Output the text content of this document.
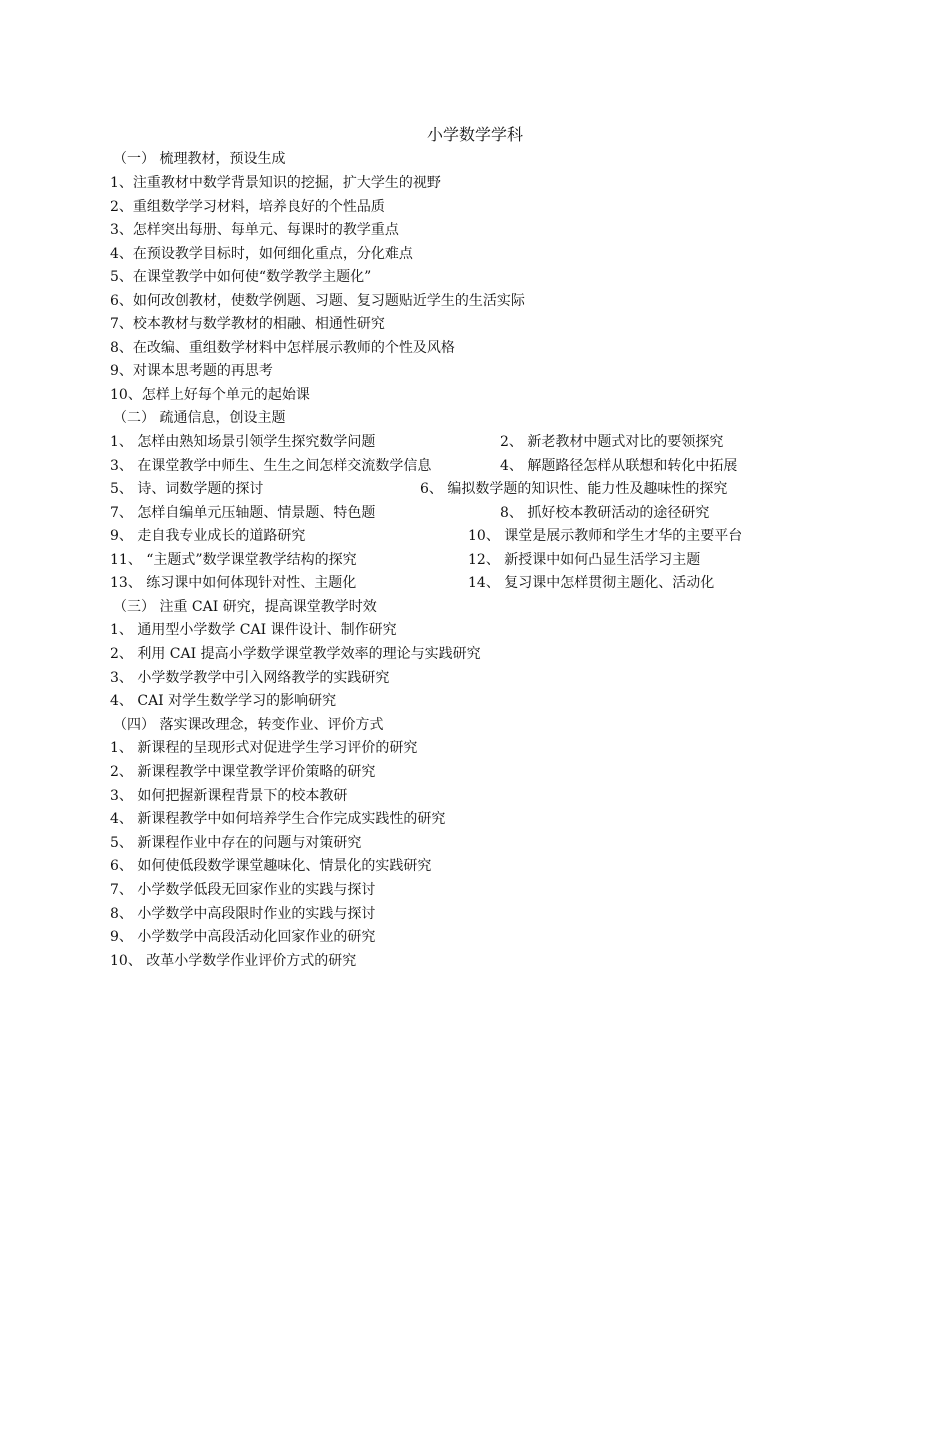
小学数学学科
（一） 梳理教材，预设生成
1、注重教材中数学背景知识的挖掘，扩大学生的视野
2、重组数学学习材料，培养良好的个性品质
3、怎样突出每册、每单元、每课时的教学重点
4、在预设教学目标时，如何细化重点，分化难点
5、在课堂教学中如何使“数学教学主题化”
6、如何改创教材，使数学例题、习题、复习题贴近学生的生活实际
7、校本教材与数学教材的相融、相通性研究
8、在改编、重组数学材料中怎样展示教师的个性及风格
9、对课本思考题的再思考
10、怎样上好每个单元的起始课
（二） 疏通信息，创设主题
1、 怎样由熟知场景引领学生探究数学问题	2、 新老教材中题式对比的要领探究
3、 在课堂教学中师生、生生之间怎样交流数学信息	4、 解题路径怎样从联想和转化中拓展
5、 诗、词数学题的探讨	6、 编拟数学题的知识性、能力性及趣味性的探究
7、 怎样自编单元压轴题、情景题、特色题	8、 抓好校本教研活动的途径研究
9、 走自我专业成长的道路研究	10、 课堂是展示教师和学生才华的主要平台
11、 “主题式”数学课堂教学结构的探究	12、 新授课中如何凸显生活学习主题
13、 练习课中如何体现针对性、主题化	14、 复习课中怎样贯彻主题化、活动化
（三） 注重 CAI 研究，提高课堂教学时效
1、 通用型小学数学 CAI 课件设计、制作研究
2、 利用 CAI 提高小学数学课堂教学效率的理论与实践研究
3、 小学数学教学中引入网络教学的实践研究
4、 CAI 对学生数学学习的影响研究
（四） 落实课改理念，转变作业、评价方式
1、 新课程的呈现形式对促进学生学习评价的研究
2、 新课程教学中课堂教学评价策略的研究
3、 如何把握新课程背景下的校本教研
4、 新课程教学中如何培养学生合作完成实践性的研究
5、 新课程作业中存在的问题与对策研究
6、 如何使低段数学课堂趣味化、情景化的实践研究
7、 小学数学低段无回家作业的实践与探讨
8、 小学数学中高段限时作业的实践与探讨
9、 小学数学中高段活动化回家作业的研究
10、 改革小学数学作业评价方式的研究
